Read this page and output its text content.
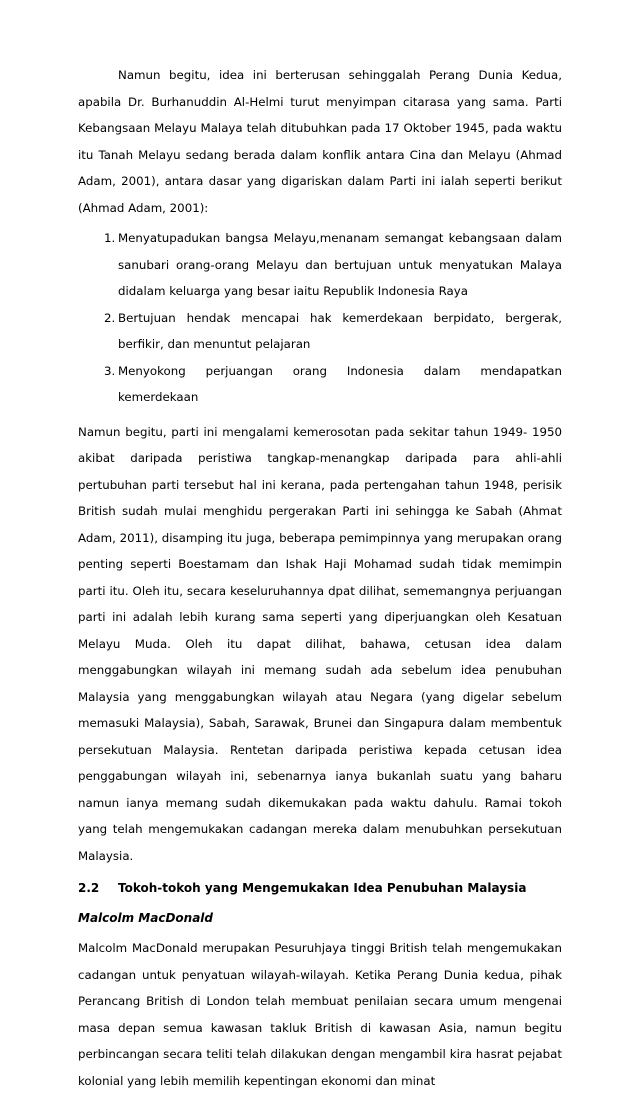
Namun begitu, idea ini berterusan sehinggalah Perang Dunia Kedua, apabila Dr. Burhanuddin Al-Helmi turut menyimpan citarasa yang sama. Parti Kebangsaan Melayu Malaya telah ditubuhkan pada 17 Oktober 1945, pada waktu itu Tanah Melayu sedang berada dalam konflik antara Cina dan Melayu (Ahmad Adam, 2001), antara dasar yang digariskan dalam Parti ini ialah seperti berikut (Ahmad Adam, 2001):

1. Menyatupadukan bangsa Melayu,menanam semangat kebangsaan dalam sanubari orang-orang Melayu dan bertujuan untuk menyatukan Malaya didalam keluarga yang besar iaitu Republik Indonesia Raya
2. Bertujuan hendak mencapai hak kemerdekaan berpidato, bergerak, berfikir, dan menuntut pelajaran
3. Menyokong perjuangan orang Indonesia dalam mendapatkan kemerdekaan

Namun begitu, parti ini mengalami kemerosotan pada sekitar tahun 1949- 1950 akibat daripada peristiwa tangkap-menangkap daripada para ahli-ahli pertubuhan parti tersebut hal ini kerana, pada pertengahan tahun 1948, perisik British sudah mulai menghidu pergerakan Parti ini sehingga ke Sabah (Ahmat Adam, 2011), disamping itu juga, beberapa pemimpinnya yang merupakan orang penting seperti Boestamam dan Ishak Haji Mohamad sudah tidak memimpin parti itu. Oleh itu, secara keseluruhannya dpat dilihat, sememangnya perjuangan parti ini adalah lebih kurang sama seperti yang diperjuangkan oleh Kesatuan Melayu Muda. Oleh itu dapat dilihat, bahawa, cetusan idea dalam menggabungkan wilayah ini memang sudah ada sebelum idea penubuhan Malaysia yang menggabungkan wilayah atau Negara (yang digelar sebelum memasuki Malaysia), Sabah, Sarawak, Brunei dan Singapura dalam membentuk persekutuan Malaysia. Rentetan daripada peristiwa kepada cetusan idea penggabungan wilayah ini, sebenarnya ianya bukanlah suatu yang baharu namun ianya memang sudah dikemukakan pada waktu dahulu. Ramai tokoh yang telah mengemukakan cadangan mereka dalam menubuhkan persekutuan Malaysia.

2.2 Tokoh-tokoh yang Mengemukakan Idea Penubuhan Malaysia
Malcolm MacDonald

Malcolm MacDonald merupakan Pesuruhjaya tinggi British telah mengemukakan cadangan untuk penyatuan wilayah-wilayah. Ketika Perang Dunia kedua, pihak Perancang British di London telah membuat penilaian secara umum mengenai masa depan semua kawasan takluk British di kawasan Asia, namun begitu perbincangan secara teliti telah dilakukan dengan mengambil kira hasrat pejabat kolonial yang lebih memilih kepentingan ekonomi dan minat
